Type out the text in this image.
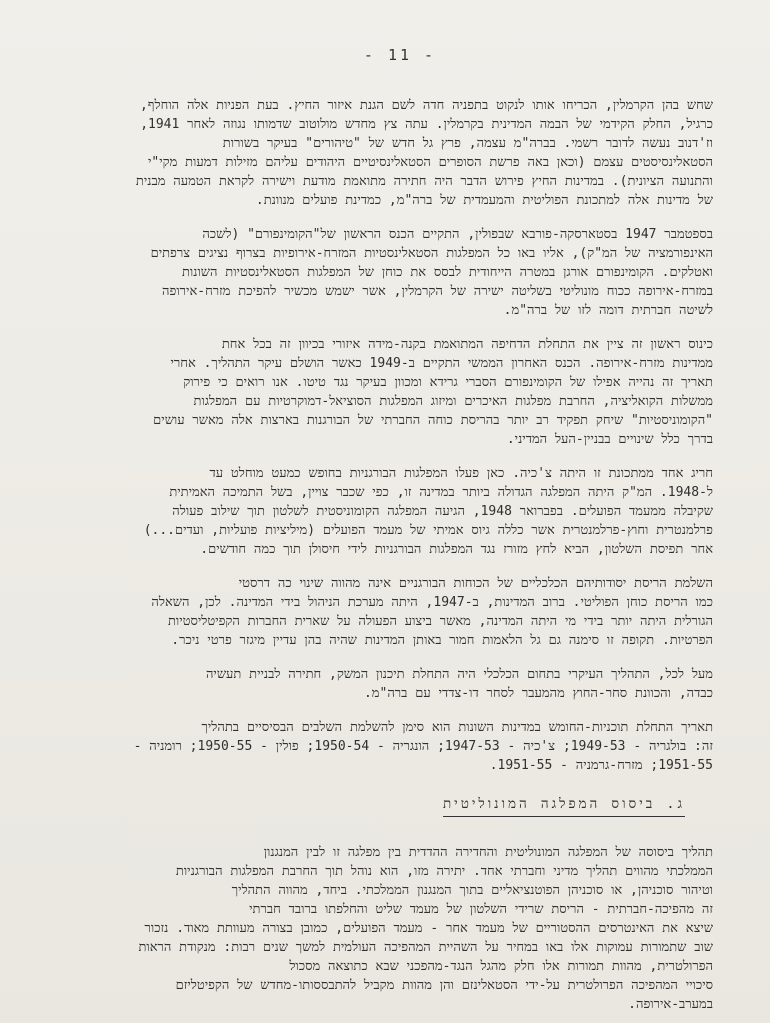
- 11 -

שחש בהן הקרמלין, הכריחו אותו לנקוט בתפניה חדה לשם הגנת איזור החיץ. בעת הפניות אלה הוחלף,
כרגיל, החלק הקידמי של הבמה המדינית בקרמלין. עתה צץ מחדש מולוטוב שדמותו נגוזה לאחר 1941,
וז'דנוב נעשה לדובר רשמי. בברה"מ עצמה, פרץ גל חדש של "טיהורים" בעיקר בשורות
הסטאלינסיסטים עצמם (וכאן באה פרשת הסופרים הסטאלינסיטיים היהודים עליהם מזילות דמעות מקי"י
והתנועה הציונית). במדינות החיץ פירוש הדבר היה חתירה מתואמת מודעת וישירה לקראת הטמעה מבנית
של מדינות אלה למתכונת הפוליטית והמעמדית של ברה"מ, כמדינת פועלים מנוונת.

בספטמבר 1947 בסטארסקה-פורבא שבפולין, התקיים הכנס הראשון של"הקומינפורם" (לשכה
האינפורמציה של המ"ק), אליו באו כל המפלגות הסטאלינסטיות המזרח-אירופיות בצרוף נציגים צרפתים
ואטלקים. הקומינפורם אורגן במטרה הייחודית לבסס את כוחן של המפלגות הסטאלינסטיות השונות
במזרח-אירופה ככוח מונוליטי בשליטה ישירה של הקרמלין, אשר ישמש מכשיר להפיכת מזרח-אירופה
לשיטה חברתית דומה לזו של ברה"מ.

כינוס ראשון זה ציין את התחלת הדחיפה המתואמת בקנה-מידה איזורי בכיוון זה בכל אחת
ממדינות מזרח-אירופה. הכנס האחרון הממשי התקיים ב-1949 כאשר הושלם עיקר התהליך. אחרי
תאריך זה נהייה אפילו של הקומינפורם הסברי גרידא ומכוון בעיקר נגד טיטו. אנו רואים כי פירוק
ממשלות הקואליציה, החרבת מפלגות האיכרים ומיזוג המפלגות הסוציאל-דמוקרטיות עם המפלגות
"הקומוניסטיות" שיחק תפקיד רב יותר בהריסת כוחה החברתי של הבורגנות בארצות אלה מאשר עושים
בדרך כלל שינויים בבניין-העל המדיני.

חריג אחד ממתכונת זו היתה צ'כיה. כאן פעלו המפלגות הבורגניות בחופש כמעט מוחלט עד
ל-1948. המ"ק היתה המפלגה הגדולה ביותר במדינה זו, כפי שכבר צויין, בשל התמיכה האמיתית
שקיבלה ממעמד הפועלים. בפברואר 1948, הגיעה המפלגה הקומוניסטית לשלטון תוך שילוב פעולה
פרלמנטרית וחוץ-פרלמנטרית אשר כללה גיוס אמיתי של מעמד הפועלים (מיליציות פועליות, ועדים...)
אחר תפיסת השלטון, הביא לחץ מזורז נגד המפלגות הבורגניות לידי חיסולן תוך כמה חודשים.

השלמת הריסת יסודותיהם הכלכליים של הכוחות הבורגניים אינה מהווה שינוי כה דרסטי
כמו הריסת כוחן הפוליטי. ברוב המדינות, ב-1947, היתה מערכת הניהול בידי המדינה. לכן, השאלה
הגורלית היתה יותר בידי מי היתה המדינה, מאשר ביצוע הפעולה על שארית החברות הקפיטליסטיות
הפרטיות. תקופה זו סימנה גם גל הלאמות חמור באותן המדינות שהיה בהן עדיין מיגזר פרטי ניכר.

מעל לכל, התהליך העיקרי בתחום הכלכלי היה התחלת תיכנון המשק, חתירה לבניית תעשיה
כבדה, והכוונת סחר-החוץ מהמעבר לסחר דו-צדדי עם ברה"מ.

תאריך התחלת תוכניות-החומש במדינות השונות הוא סימן להשלמת השלבים הבסיסיים בתהליך
זה: בולגריה - 1949-53; צ'כיה - 1947-53; הונגריה - 1950-54; פולין - 1950-55; רומניה -
1951-55; מזרח-גרמניה - 1951-55.

ג. ביסוס המפלגה המונוליטית

תהליך ביסוסה של המפלגה המונוליטית והחדירה ההדדית בין מפלגה זו לבין המנגנון
הממלכתי מהווים תהליך מדיני וחברתי אחד. יתירה מזו, הוא נוהל תוך החרבת המפלגות הבורגניות
וטיהור סוכניהן, או סוכניהן הפוטנציאליים בתוך המנגנון הממלכתי. ביחד, מהווה התהליך
זה מהפיכה-חברתית - הריסת שרידי השלטון של מעמד שליט והחלפתו ברובד חברתי
שיצא את האינטרסים ההסטוריים של מעמד אחר - מעמד הפועלים, כמובן בצורה מעוותת מאוד. נזכור
שוב שתמורות עמוקות אלו באו במחיר על השהיית המהפיכה העולמית למשך שנים רבות: מנקודת הראות
הפרולטרית, מהוות תמורות אלו חלק מהגל הנגד-מהפכני שבא כתוצאה מסכול
סיכויי המהפיכה הפרולטרית על-ידי הסטאלינזם והן מהוות מקביל להתבססותו-מחדש של הקפיטליזם
במערב-אירופה.
